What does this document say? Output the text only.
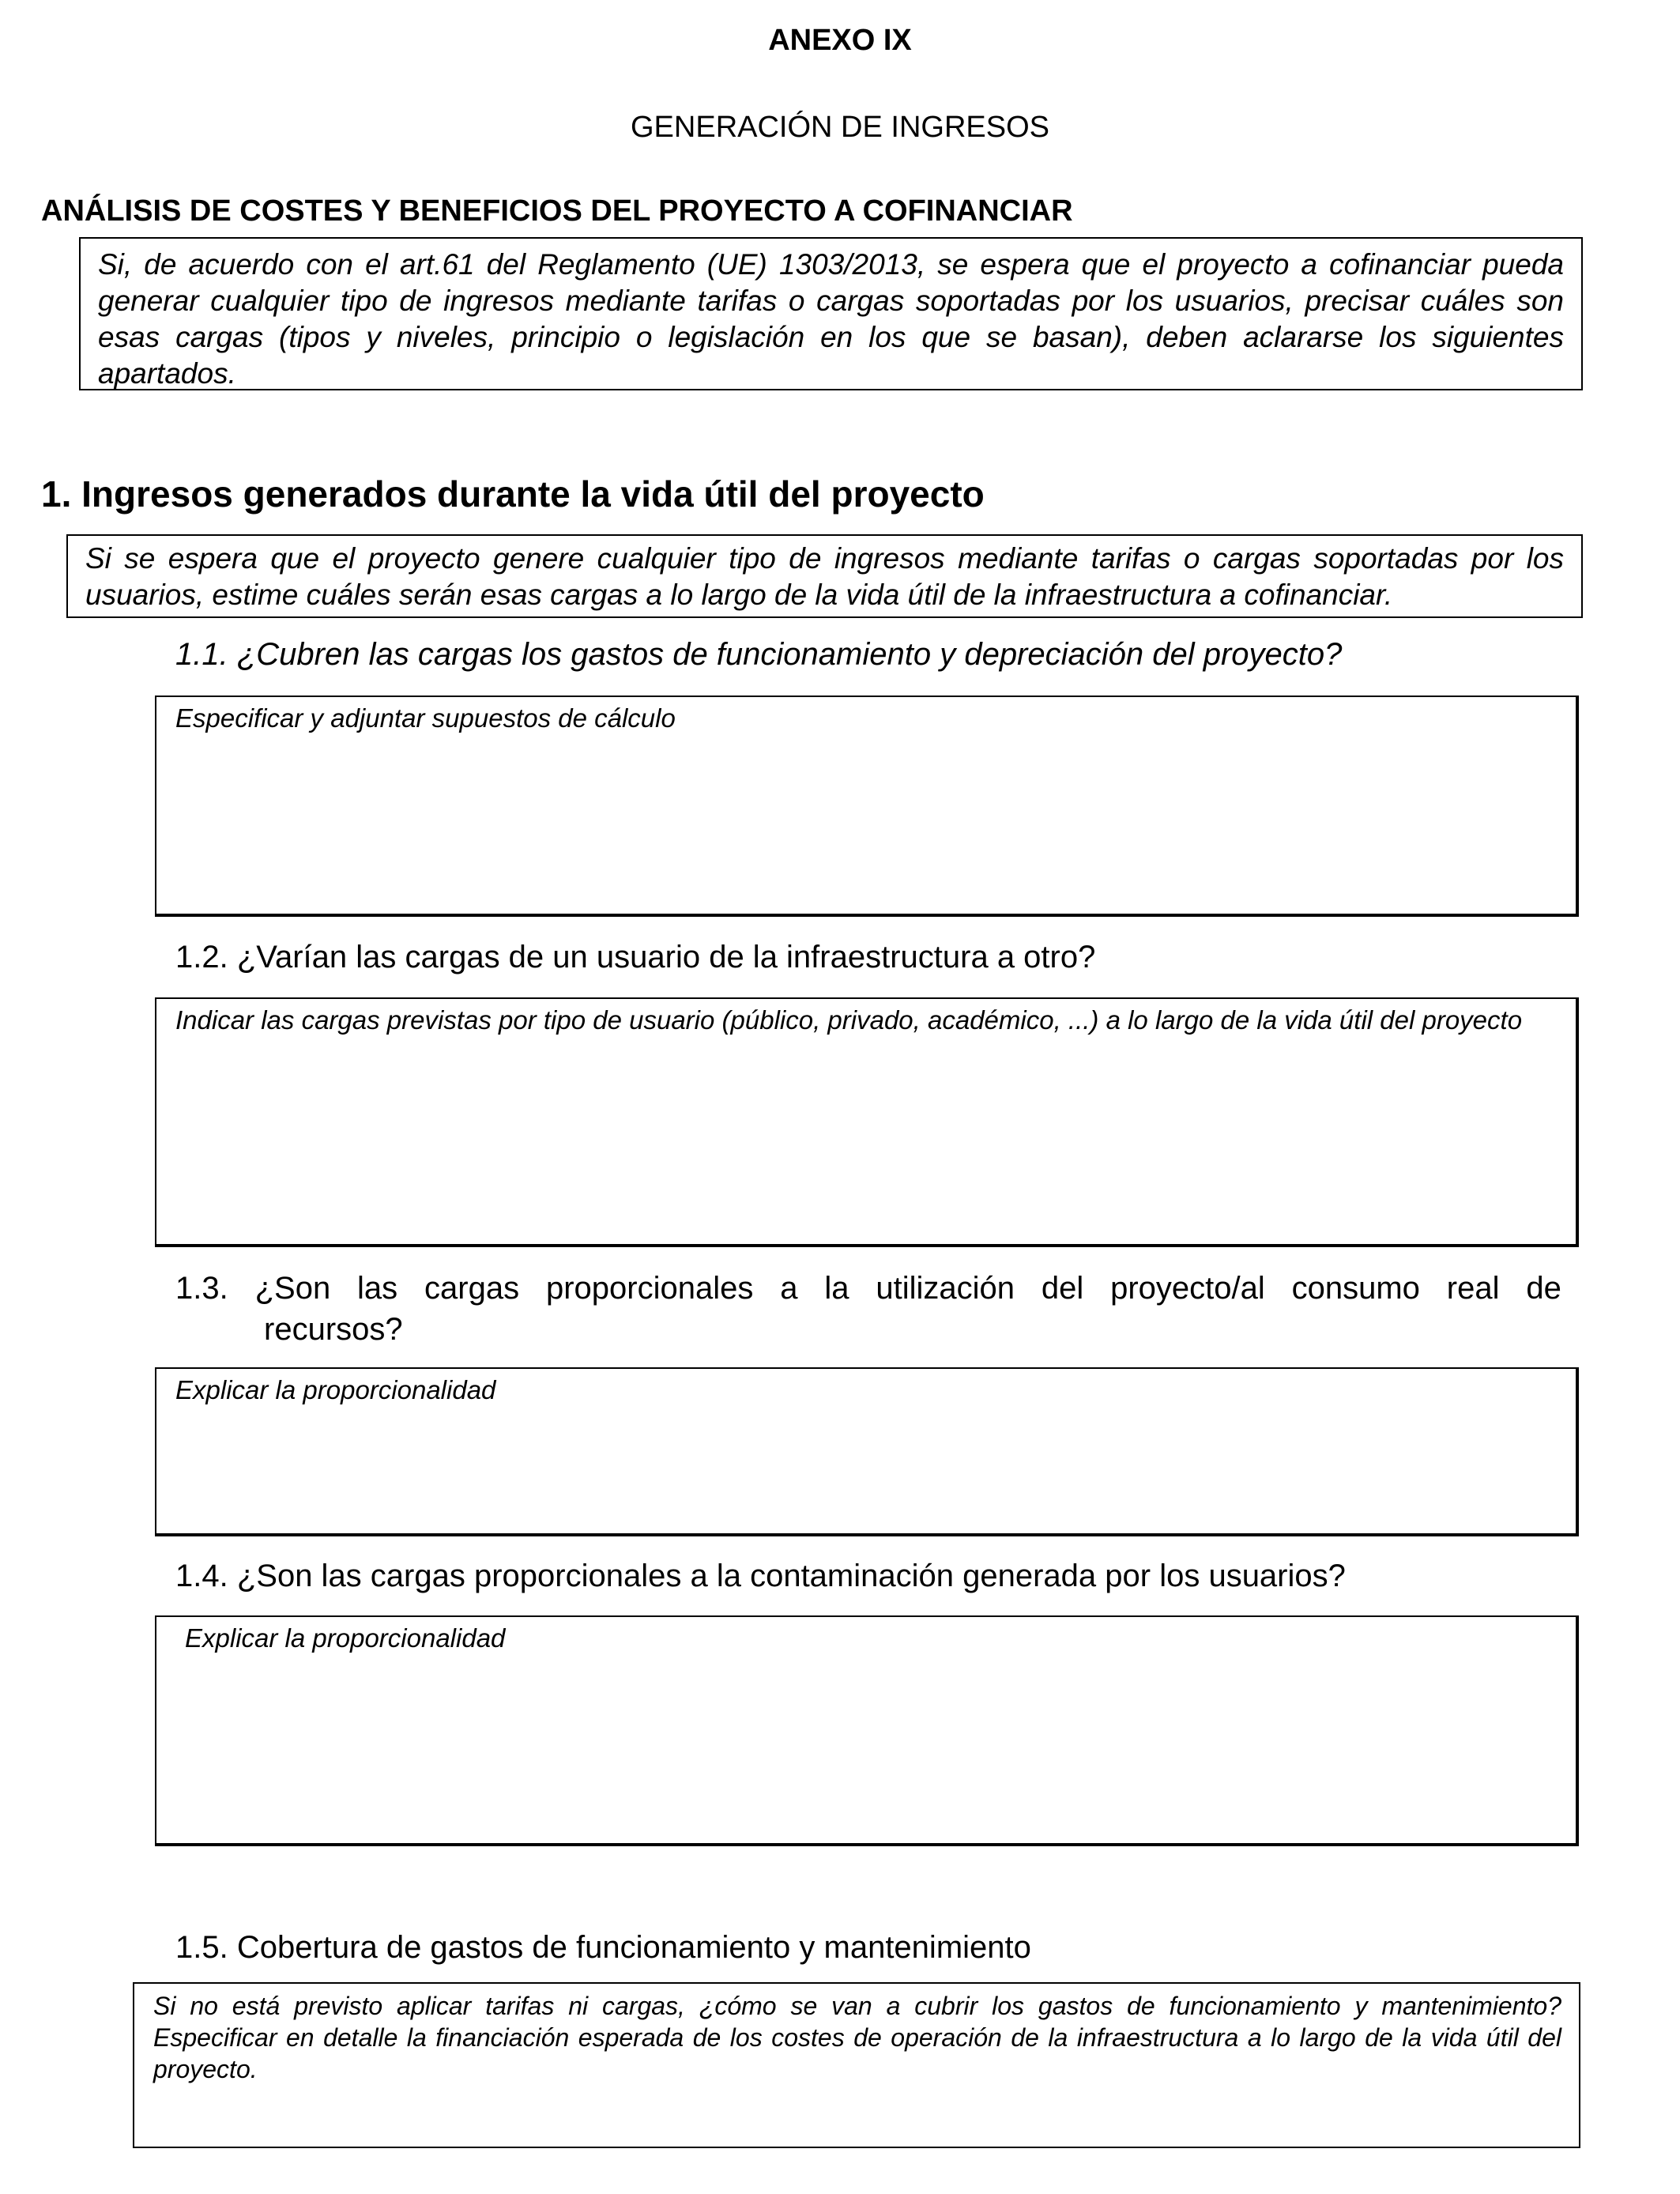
ANEXO IX
GENERACIÓN DE INGRESOS
ANÁLISIS DE COSTES Y BENEFICIOS DEL PROYECTO A COFINANCIAR

Si, de acuerdo con el art.61 del Reglamento (UE) 1303/2013, se espera que el proyecto a cofinanciar pueda generar cualquier tipo de ingresos mediante tarifas o cargas soportadas por los usuarios, precisar cuáles son esas cargas (tipos y niveles, principio o legislación en los que se basan), deben aclararse los siguientes apartados.

1. Ingresos generados durante la vida útil del proyecto

Si se espera que el proyecto genere cualquier tipo de ingresos mediante tarifas o cargas soportadas por los usuarios, estime cuáles serán esas cargas a lo largo de la vida útil de la infraestructura a cofinanciar.

1.1. ¿Cubren las cargas los gastos de funcionamiento y depreciación del proyecto?

Especificar y adjuntar supuestos de cálculo

1.2. ¿Varían las cargas de un usuario de la infraestructura a otro?

Indicar las cargas previstas por tipo de usuario (público, privado, académico, ...) a lo largo de la vida útil del proyecto

1.3. ¿Son las cargas proporcionales a la utilización del proyecto/al consumo real de
recursos?

Explicar la proporcionalidad

1.4. ¿Son las cargas proporcionales a la contaminación generada por los usuarios?

Explicar la proporcionalidad

1.5. Cobertura de gastos de funcionamiento y mantenimiento

Si no está previsto aplicar tarifas ni cargas, ¿cómo se van a cubrir los gastos de funcionamiento y mantenimiento? Especificar en detalle la financiación esperada de los costes de operación de la infraestructura a lo largo de la vida útil del proyecto.
